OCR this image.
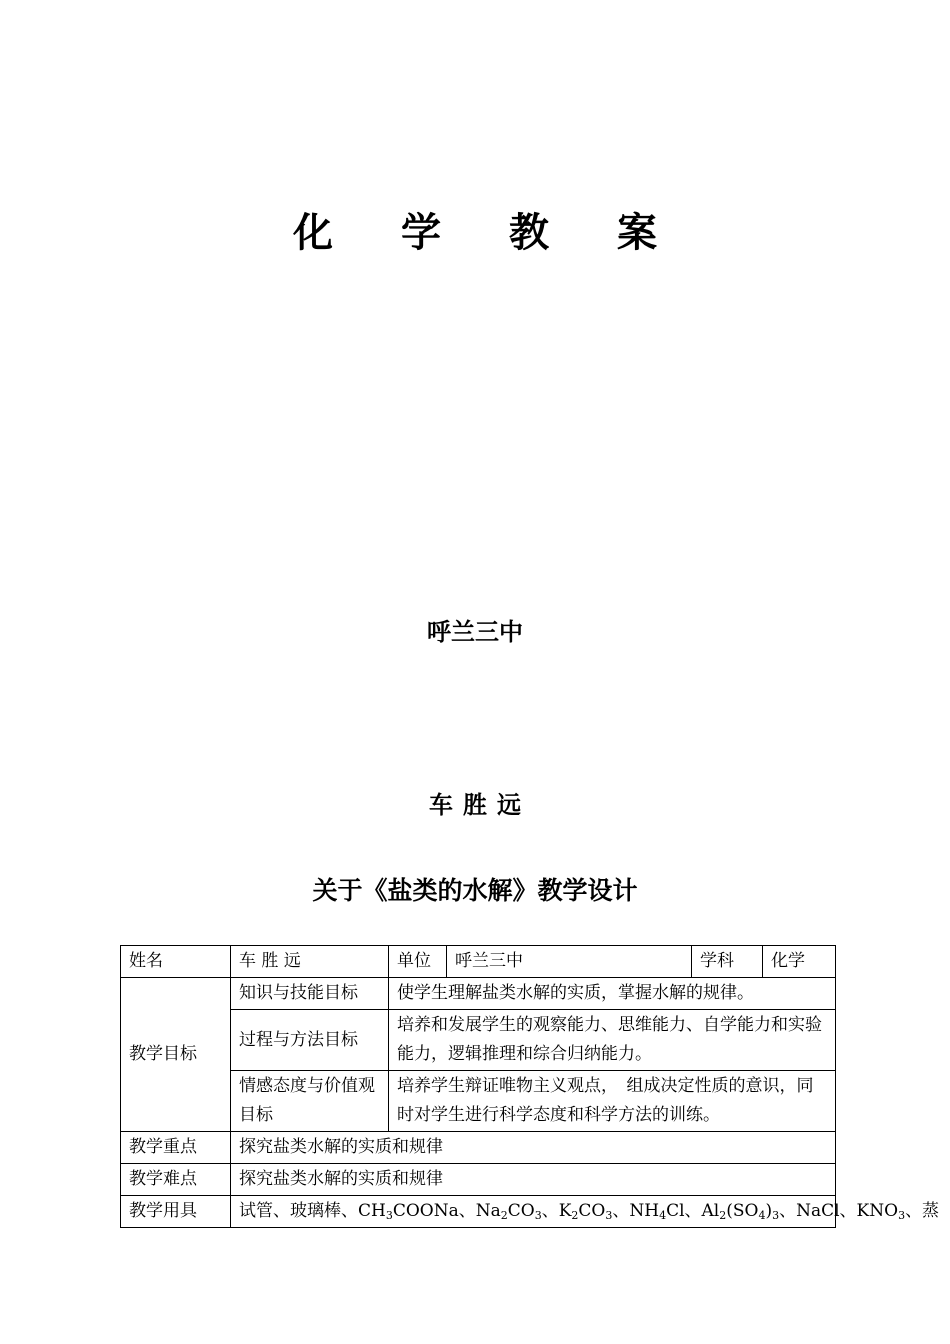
化学教案
呼兰三中
车胜远
关于《盐类的水解》教学设计
姓名	车 胜 远	单位	呼兰三中	学科	化学
教学目标	知识与技能目标	使学生理解盐类水解的实质，掌握水解的规律。			
	过程与方法目标	培养和发展学生的观察能力、思维能力、自学能力和实验能力，逻辑推理和综合归纳能力。			
	情感态度与价值观目标	培养学生辩证唯物主义观点，　组成决定性质的意识，同时对学生进行科学态度和科学方法的训练。			
教学重点	探究盐类水解的实质和规律				
教学难点	探究盐类水解的实质和规律				
教学用具	试管、玻璃棒、$CH_3COONa$、$Na_2CO_3$、$K_2CO_3$、$NH_4Cl$、$Al_2(SO_4)_3$、NaCl、$KNO_3$、蒸				
